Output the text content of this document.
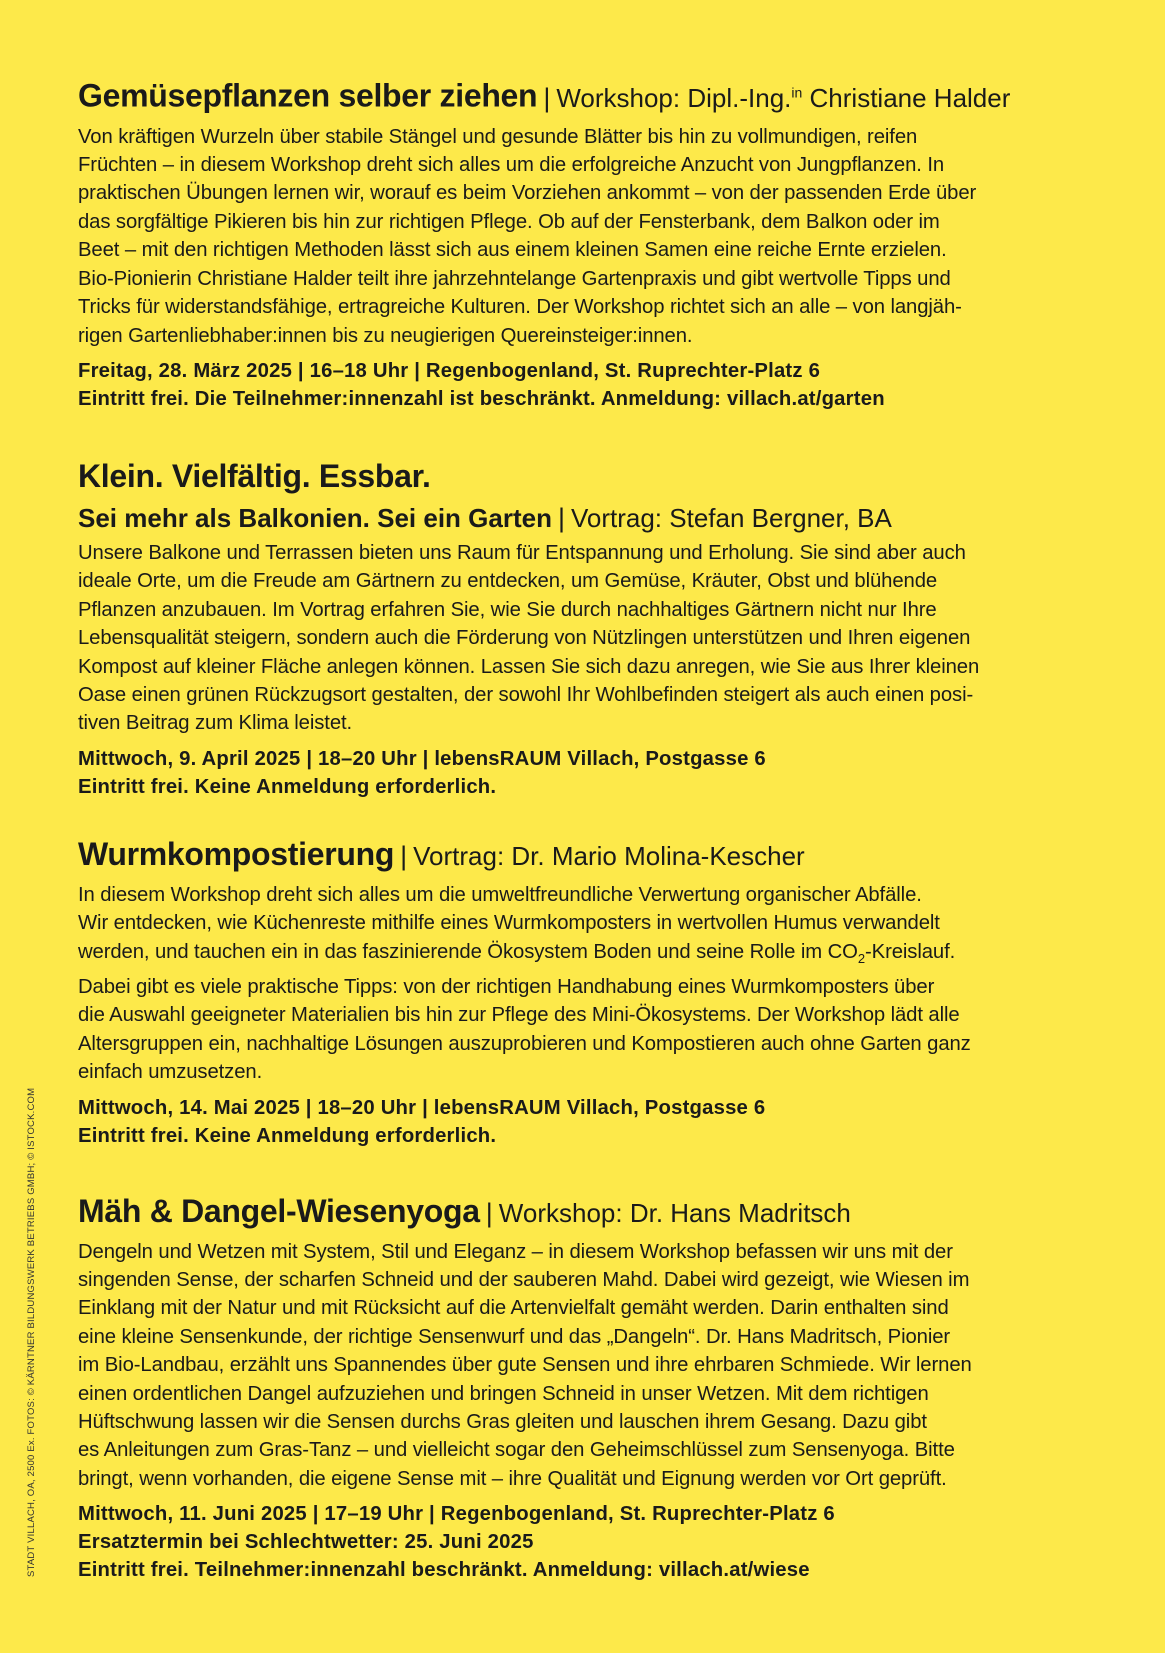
Gemüsepflanzen selber ziehen | Workshop: Dipl.-Ing.$^{in}$ Christiane Halder
Von kräftigen Wurzeln über stabile Stängel und gesunde Blätter bis hin zu vollmundigen, reifen
Früchten – in diesem Workshop dreht sich alles um die erfolgreiche Anzucht von Jungpflanzen. In
praktischen Übungen lernen wir, worauf es beim Vorziehen ankommt – von der passenden Erde über
das sorgfältige Pikieren bis hin zur richtigen Pflege. Ob auf der Fensterbank, dem Balkon oder im
Beet – mit den richtigen Methoden lässt sich aus einem kleinen Samen eine reiche Ernte erzielen.
Bio-Pionierin Christiane Halder teilt ihre jahrzehntelange Gartenpraxis und gibt wertvolle Tipps und
Tricks für widerstandsfähige, ertragreiche Kulturen. Der Workshop richtet sich an alle – von langjäh-
rigen Gartenliebhaber:innen bis zu neugierigen Quereinsteiger:innen.
Freitag, 28. März 2025 | 16–18 Uhr | Regenbogenland, St. Ruprechter-Platz 6
Eintritt frei. Die Teilnehmer:innenzahl ist beschränkt. Anmeldung: villach.at/garten
Klein. Vielfältig. Essbar.
Sei mehr als Balkonien. Sei ein Garten | Vortrag: Stefan Bergner, BA
Unsere Balkone und Terrassen bieten uns Raum für Entspannung und Erholung. Sie sind aber auch
ideale Orte, um die Freude am Gärtnern zu entdecken, um Gemüse, Kräuter, Obst und blühende
Pflanzen anzubauen. Im Vortrag erfahren Sie, wie Sie durch nachhaltiges Gärtnern nicht nur Ihre
Lebensqualität steigern, sondern auch die Förderung von Nützlingen unterstützen und Ihren eigenen
Kompost auf kleiner Fläche anlegen können. Lassen Sie sich dazu anregen, wie Sie aus Ihrer kleinen
Oase einen grünen Rückzugsort gestalten, der sowohl Ihr Wohlbefinden steigert als auch einen posi-
tiven Beitrag zum Klima leistet.
Mittwoch, 9. April 2025 | 18–20 Uhr | lebensRAUM Villach, Postgasse 6
Eintritt frei. Keine Anmeldung erforderlich.
Wurmkompostierung | Vortrag: Dr. Mario Molina-Kescher
In diesem Workshop dreht sich alles um die umweltfreundliche Verwertung organischer Abfälle.
Wir entdecken, wie Küchenreste mithilfe eines Wurmkomposters in wertvollen Humus verwandelt
werden, und tauchen ein in das faszinierende Ökosystem Boden und seine Rolle im $CO_2$-Kreislauf.
Dabei gibt es viele praktische Tipps: von der richtigen Handhabung eines Wurmkomposters über
die Auswahl geeigneter Materialien bis hin zur Pflege des Mini-Ökosystems. Der Workshop lädt alle
Altersgruppen ein, nachhaltige Lösungen auszuprobieren und Kompostieren auch ohne Garten ganz
einfach umzusetzen.
Mittwoch, 14. Mai 2025 | 18–20 Uhr | lebensRAUM Villach, Postgasse 6
Eintritt frei. Keine Anmeldung erforderlich.
Mäh & Dangel-Wiesenyoga | Workshop: Dr. Hans Madritsch
Dengeln und Wetzen mit System, Stil und Eleganz – in diesem Workshop befassen wir uns mit der
singenden Sense, der scharfen Schneid und der sauberen Mahd. Dabei wird gezeigt, wie Wiesen im
Einklang mit der Natur und mit Rücksicht auf die Artenvielfalt gemäht werden. Darin enthalten sind
eine kleine Sensenkunde, der richtige Sensenwurf und das „Dangeln“. Dr. Hans Madritsch, Pionier
im Bio-Landbau, erzählt uns Spannendes über gute Sensen und ihre ehrbaren Schmiede. Wir lernen
einen ordentlichen Dangel aufzuziehen und bringen Schneid in unser Wetzen. Mit dem richtigen
Hüftschwung lassen wir die Sensen durchs Gras gleiten und lauschen ihrem Gesang. Dazu gibt
es Anleitungen zum Gras-Tanz – und vielleicht sogar den Geheimschlüssel zum Sensenyoga. Bitte
bringt, wenn vorhanden, die eigene Sense mit – ihre Qualität und Eignung werden vor Ort geprüft.
Mittwoch, 11. Juni 2025 | 17–19 Uhr | Regenbogenland, St. Ruprechter-Platz 6
Ersatztermin bei Schlechtwetter: 25. Juni 2025
Eintritt frei. Teilnehmer:innenzahl beschränkt. Anmeldung: villach.at/wiese
STADT VILLACH, OA, 2500 Ex. FOTOS: © KÄRNTNER BILDUNGSWERK BETRIEBS GMBH; © ISTOCK.COM
